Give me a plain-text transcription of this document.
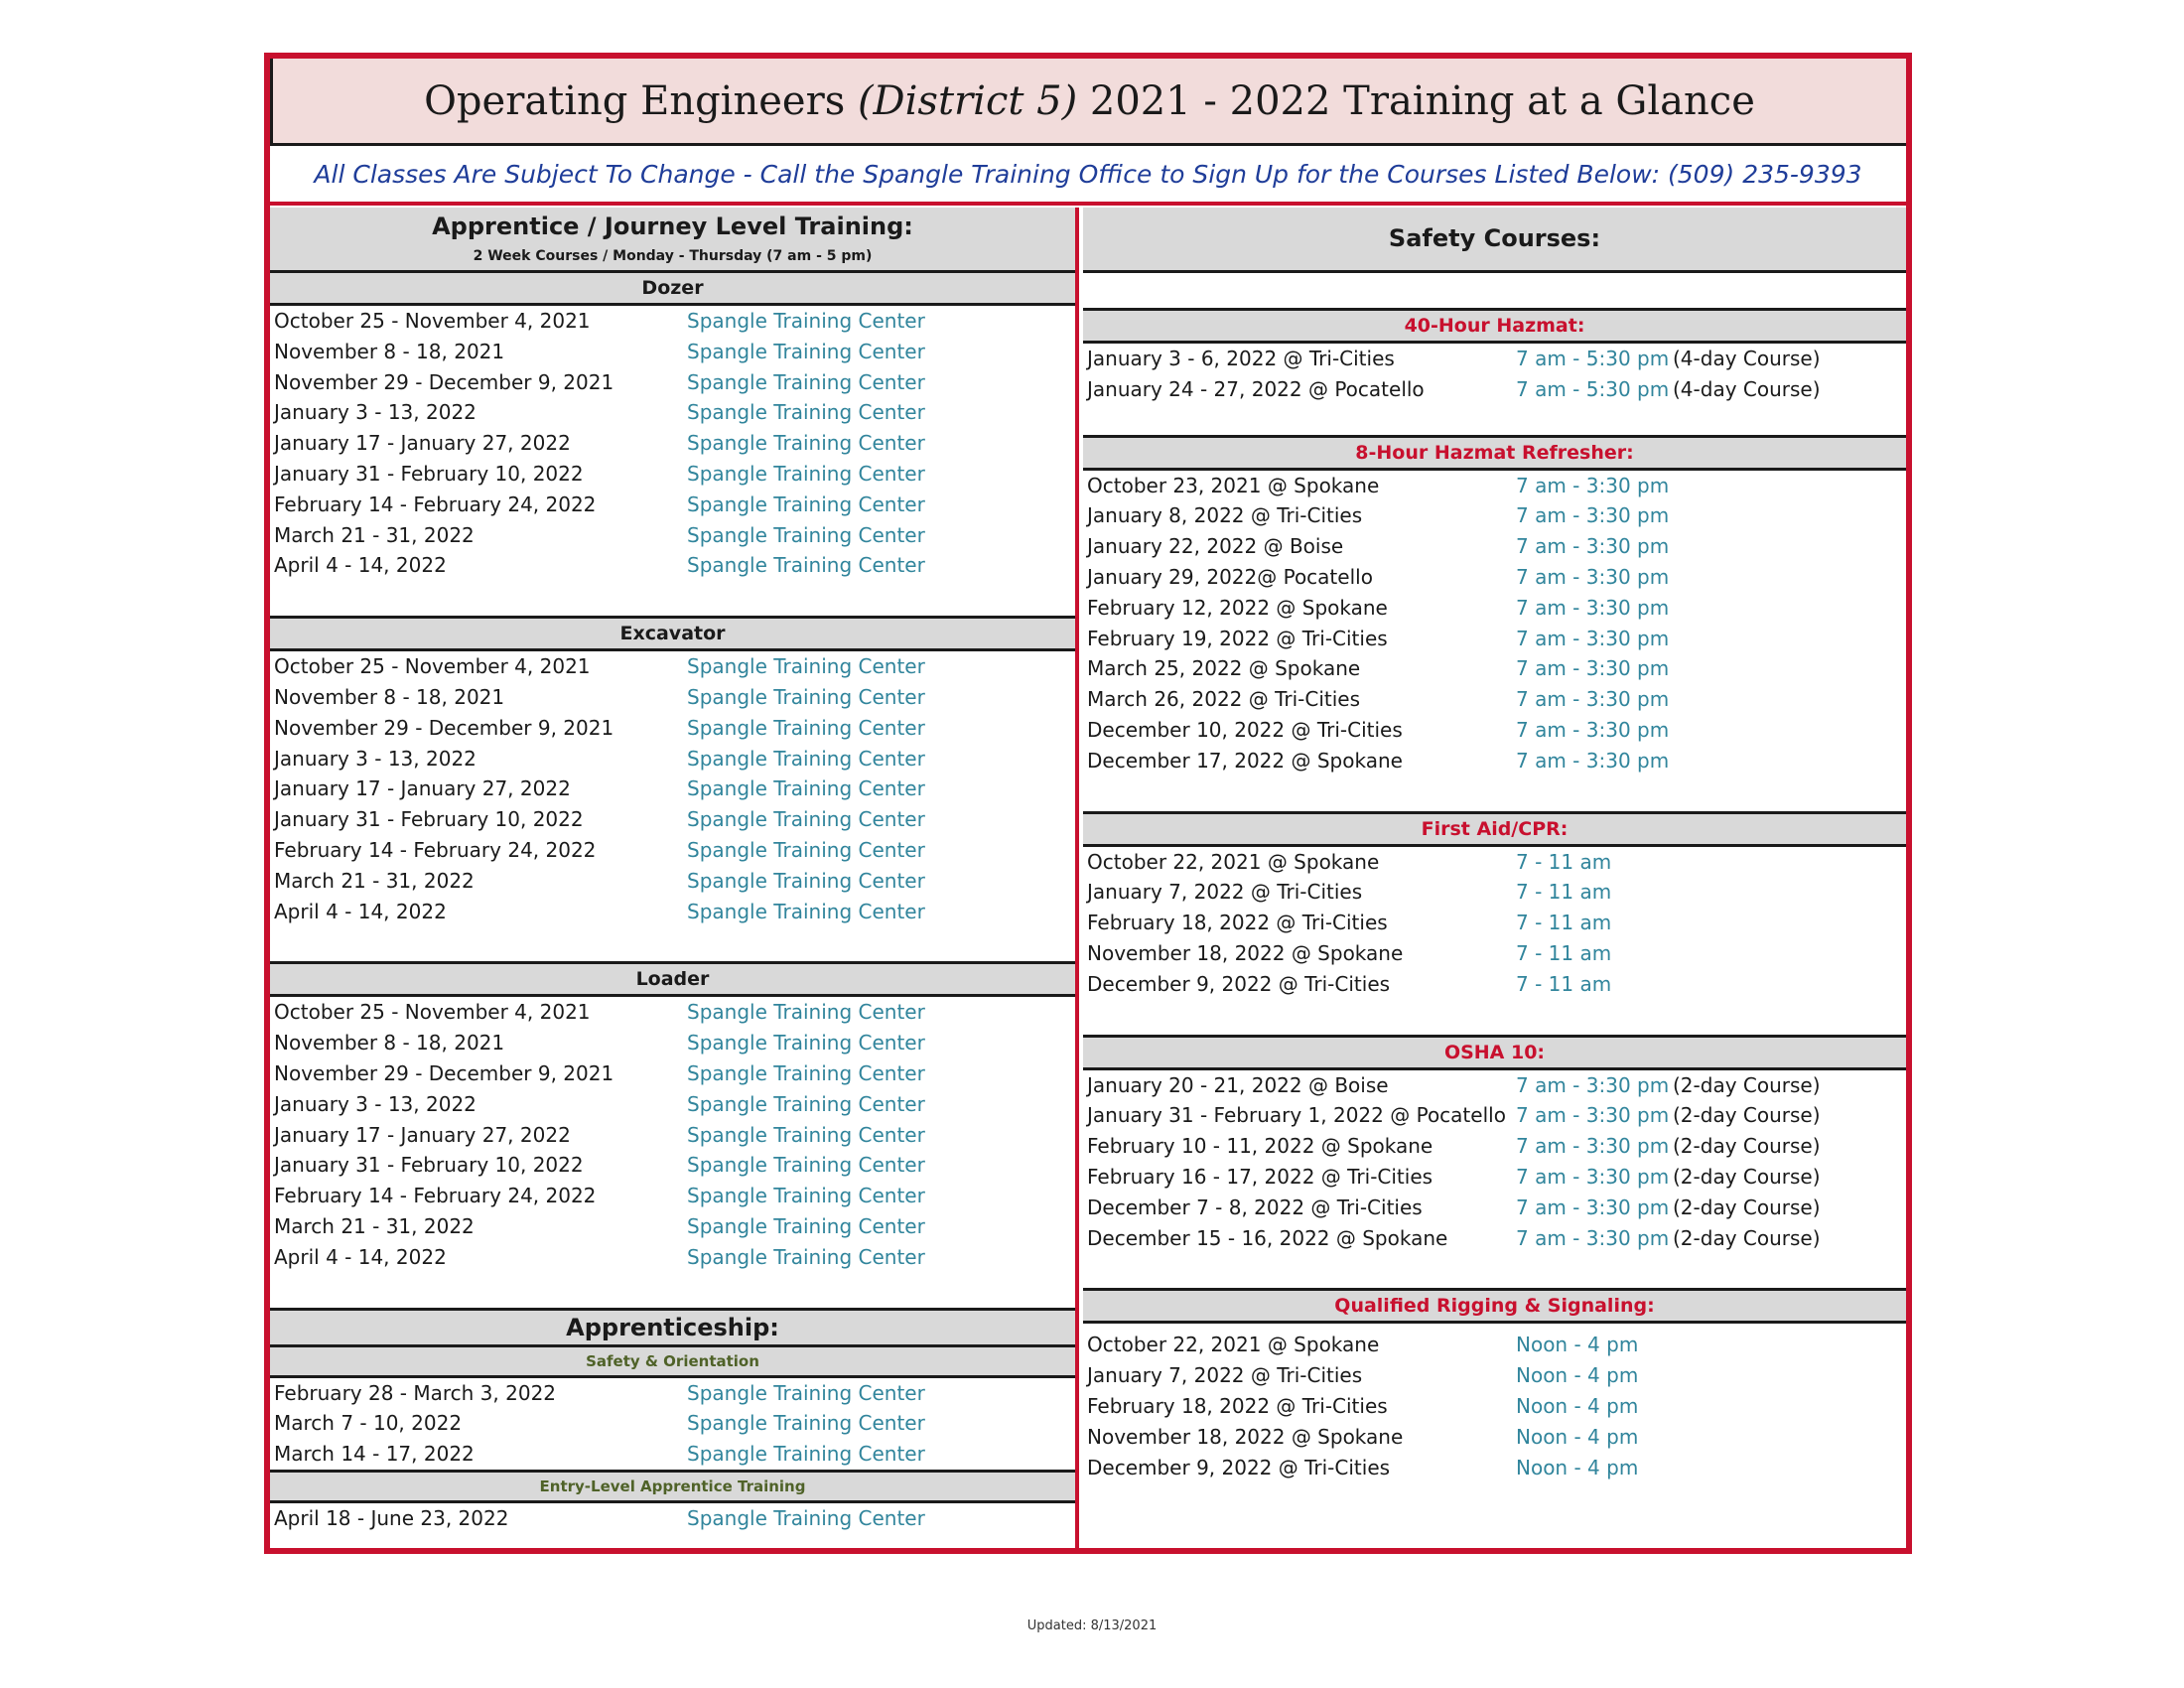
Operating Engineers (District 5) 2021 - 2022 Training at a Glance
All Classes Are Subject To Change - Call the Spangle Training Office to Sign Up for the Courses Listed Below: (509) 235-9393
Apprentice / Journey Level Training:
2 Week Courses / Monday - Thursday (7 am - 5 pm)
Dozer
October 25 - November 4, 2021	Spangle Training Center
November 8 - 18, 2021	Spangle Training Center
November 29 - December 9, 2021	Spangle Training Center
January 3 - 13, 2022	Spangle Training Center
January 17 - January 27, 2022	Spangle Training Center
January 31 - February 10, 2022	Spangle Training Center
February 14 - February 24, 2022	Spangle Training Center
March 21 - 31, 2022	Spangle Training Center
April 4 - 14, 2022	Spangle Training Center
Excavator
October 25 - November 4, 2021	Spangle Training Center
November 8 - 18, 2021	Spangle Training Center
November 29 - December 9, 2021	Spangle Training Center
January 3 - 13, 2022	Spangle Training Center
January 17 - January 27, 2022	Spangle Training Center
January 31 - February 10, 2022	Spangle Training Center
February 14 - February 24, 2022	Spangle Training Center
March 21 - 31, 2022	Spangle Training Center
April 4 - 14, 2022	Spangle Training Center
Loader
October 25 - November 4, 2021	Spangle Training Center
November 8 - 18, 2021	Spangle Training Center
November 29 - December 9, 2021	Spangle Training Center
January 3 - 13, 2022	Spangle Training Center
January 17 - January 27, 2022	Spangle Training Center
January 31 - February 10, 2022	Spangle Training Center
February 14 - February 24, 2022	Spangle Training Center
March 21 - 31, 2022	Spangle Training Center
April 4 - 14, 2022	Spangle Training Center
Apprenticeship:
Safety & Orientation
February 28 - March 3, 2022	Spangle Training Center
March 7 - 10, 2022	Spangle Training Center
March 14 - 17, 2022	Spangle Training Center
Entry-Level Apprentice Training
April 18 - June 23, 2022	Spangle Training Center
Safety Courses:
40-Hour Hazmat:
January 3 - 6, 2022 @ Tri-Cities	7 am - 5:30 pm (4-day Course)
January 24 - 27, 2022 @ Pocatello	7 am - 5:30 pm (4-day Course)
8-Hour Hazmat Refresher:
October 23, 2021 @ Spokane	7 am - 3:30 pm
January 8, 2022 @ Tri-Cities	7 am - 3:30 pm
January 22, 2022 @ Boise	7 am - 3:30 pm
January 29, 2022@ Pocatello	7 am - 3:30 pm
February 12, 2022 @ Spokane	7 am - 3:30 pm
February 19, 2022 @ Tri-Cities	7 am - 3:30 pm
March 25, 2022 @ Spokane	7 am - 3:30 pm
March 26, 2022 @ Tri-Cities	7 am - 3:30 pm
December 10, 2022 @ Tri-Cities	7 am - 3:30 pm
December 17, 2022 @ Spokane	7 am - 3:30 pm
First Aid/CPR:
October 22, 2021 @ Spokane	7 - 11 am
January 7, 2022 @ Tri-Cities	7 - 11 am
February 18, 2022 @ Tri-Cities	7 - 11 am
November 18, 2022 @ Spokane	7 - 11 am
December 9, 2022 @ Tri-Cities	7 - 11 am
OSHA 10:
January 20 - 21, 2022 @ Boise	7 am - 3:30 pm (2-day Course)
January 31 - February 1, 2022 @ Pocatello 7 am - 3:30 pm (2-day Course)
February 10 - 11, 2022 @ Spokane	7 am - 3:30 pm (2-day Course)
February 16 - 17, 2022 @ Tri-Cities	7 am - 3:30 pm (2-day Course)
December 7 - 8, 2022 @ Tri-Cities	7 am - 3:30 pm (2-day Course)
December 15 - 16, 2022 @ Spokane	7 am - 3:30 pm (2-day Course)
Qualified Rigging & Signaling:
October 22, 2021 @ Spokane	Noon - 4 pm
January 7, 2022 @ Tri-Cities	Noon - 4 pm
February 18, 2022 @ Tri-Cities	Noon - 4 pm
November 18, 2022 @ Spokane	Noon - 4 pm
December 9, 2022 @ Tri-Cities	Noon - 4 pm
Updated: 8/13/2021
